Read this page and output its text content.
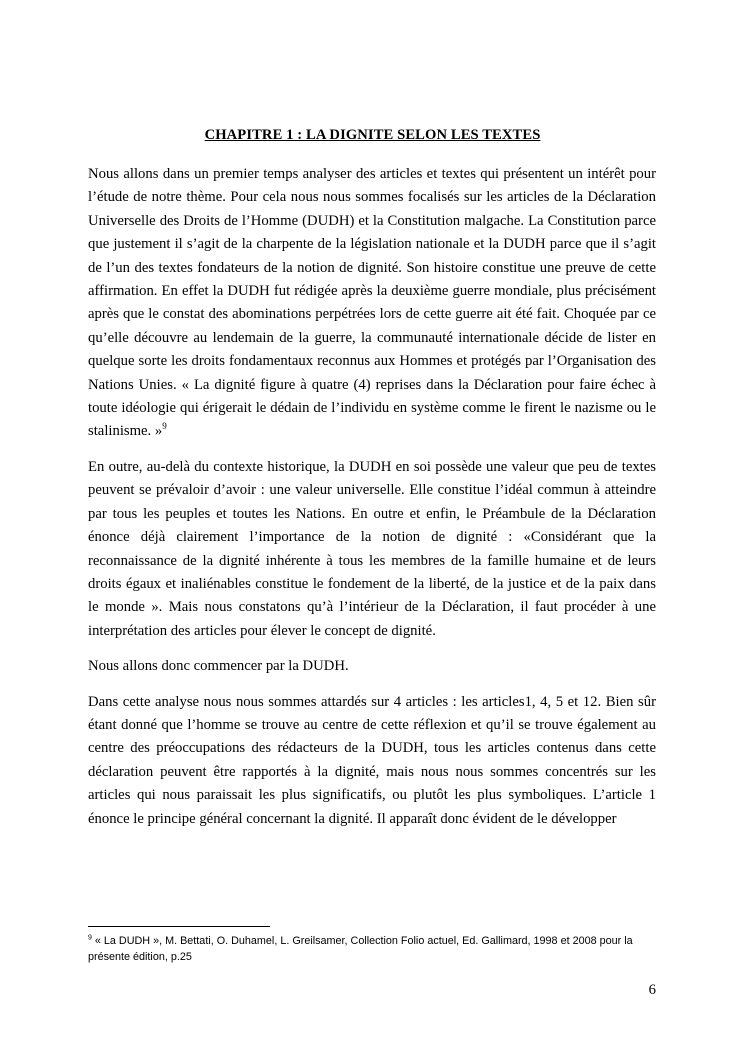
CHAPITRE 1 : LA DIGNITE SELON LES TEXTES

Nous allons dans un premier temps analyser des articles et textes qui présentent un intérêt pour l’étude de notre thème. Pour cela nous nous sommes focalisés sur les articles de la Déclaration Universelle des Droits de l’Homme (DUDH) et la Constitution malgache. La Constitution parce que justement il s’agit de la charpente de la législation nationale et la DUDH parce que il s’agit de l’un des textes fondateurs de la notion de dignité. Son histoire constitue une preuve de cette affirmation. En effet la DUDH fut rédigée après la deuxième guerre mondiale, plus précisément après que le constat des abominations perpétrées lors de cette guerre ait été fait. Choquée par ce qu’elle découvre au lendemain de la guerre, la communauté internationale décide de lister en quelque sorte les droits fondamentaux reconnus aux Hommes et protégés par l’Organisation des Nations Unies. « La dignité figure à quatre (4) reprises dans la Déclaration pour faire échec à toute idéologie qui érigerait le dédain de l’individu en système comme le firent le nazisme ou le stalinisme. »$^9$

En outre, au-delà du contexte historique, la DUDH en soi possède une valeur que peu de textes peuvent se prévaloir d’avoir : une valeur universelle. Elle constitue l’idéal commun à atteindre par tous les peuples et toutes les Nations. En outre et enfin, le Préambule de la Déclaration énonce déjà clairement l’importance de la notion de dignité : «Considérant que la reconnaissance de la dignité inhérente à tous les membres de la famille humaine et de leurs droits égaux et inaliénables constitue le fondement de la liberté, de la justice et de la paix dans le monde ». Mais nous constatons qu’à l’intérieur de la Déclaration, il faut procéder à une interprétation des articles pour élever le concept de dignité.

Nous allons donc commencer par la DUDH.

Dans cette analyse nous nous sommes attardés sur 4 articles : les articles1, 4, 5 et 12. Bien sûr étant donné que l’homme se trouve au centre de cette réflexion et qu’il se trouve également au centre des préoccupations des rédacteurs de la DUDH, tous les articles contenus dans cette déclaration peuvent être rapportés à la dignité, mais nous nous sommes concentrés sur les articles qui nous paraissait les plus significatifs, ou plutôt les plus symboliques. L’article 1 énonce le principe général concernant la dignité. Il apparaît donc évident de le développer

$^9$ « La DUDH », M. Bettati, O. Duhamel, L. Greilsamer, Collection Folio actuel, Ed. Gallimard, 1998 et 2008 pour la présente édition, p.25
6
